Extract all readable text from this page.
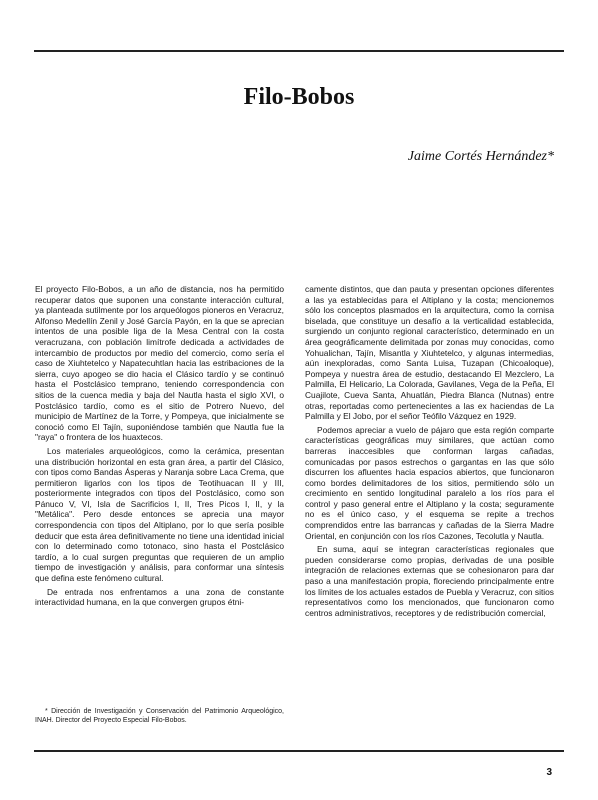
Filo-Bobos
Jaime Cortés Hernández*

El proyecto Filo-Bobos, a un año de distancia, nos ha permitido recuperar datos que suponen una constante interacción cultural, ya planteada sutilmente por los arqueólogos pioneros en Veracruz, Alfonso Medellín Zenil y José García Payón, en la que se aprecian intentos de una posible liga de la Mesa Central con la costa veracruzana, con población limítrofe dedicada a actividades de intercambio de productos por medio del comercio, como sería el caso de Xiuhtetelco y Napatecuhtlan hacia las estribaciones de la sierra, cuyo apogeo se dio hacia el Clásico tardío y se continuó hasta el Postclásico temprano, teniendo correspondencia con sitios de la cuenca media y baja del Nautla hasta el siglo XVI, o Postclásico tardío, como es el sitio de Potrero Nuevo, del municipio de Martínez de la Torre, y Pompeya, que inicialmente se conoció como El Tajín, suponiéndose también que Nautla fue la "raya" o frontera de los huaxtecos.

Los materiales arqueológicos, como la cerámica, presentan una distribución horizontal en esta gran área, a partir del Clásico, con tipos como Bandas Ásperas y Naranja sobre Laca Crema, que permitieron ligarlos con los tipos de Teotihuacan II y III, posteriormente integrados con tipos del Postclásico, como son Pánuco V, VI, Isla de Sacrificios I, II, Tres Picos I, II, y la "Metálica". Pero desde entonces se aprecia una mayor correspondencia con tipos del Altiplano, por lo que sería posible deducir que esta área definitivamente no tiene una identidad inicial con lo determinado como totonaco, sino hasta el Postclásico tardío, a lo cual surgen preguntas que requieren de un amplio tiempo de investigación y análisis, para conformar una síntesis que defina este fenómeno cultural.

De entrada nos enfrentamos a una zona de constante interactividad humana, en la que convergen grupos étni-

* Dirección de Investigación y Conservación del Patrimonio Arqueológico, INAH. Director del Proyecto Especial Filo-Bobos.

camente distintos, que dan pauta y presentan opciones diferentes a las ya establecidas para el Altiplano y la costa; mencionemos sólo los conceptos plasmados en la arquitectura, como la cornisa biselada, que constituye un desafío a la verticalidad establecida, surgiendo un conjunto regional característico, determinado en un área geográficamente delimitada por zonas muy conocidas, como Yohualichan, Tajín, Misantla y Xiuhtetelco, y algunas intermedias, aún inexploradas, como Santa Luisa, Tuzapan (Chicoaloque), Pompeya y nuestra área de estudio, destacando El Mezclero, La Palmilla, El Helicario, La Colorada, Gavilanes, Vega de la Peña, El Cuajilote, Cueva Santa, Ahuatlán, Piedra Blanca (Nutnas) entre otras, reportadas como pertenecientes a las ex haciendas de La Palmilla y El Jobo, por el señor Teófilo Vázquez en 1929.

Podemos apreciar a vuelo de pájaro que esta región comparte características geográficas muy similares, que actúan como barreras inaccesibles que conforman largas cañadas, comunicadas por pasos estrechos o gargantas en las que sólo discurren los afluentes hacia espacios abiertos, que funcionaron como bordes delimitadores de los sitios, permitiendo sólo un crecimiento en sentido longitudinal paralelo a los ríos para el control y paso general entre el Altiplano y la costa; seguramente no es el único caso, y el esquema se repite a trechos comprendidos entre las barrancas y cañadas de la Sierra Madre Oriental, en conjunción con los ríos Cazones, Tecolutla y Nautla.

En suma, aquí se integran características regionales que pueden considerarse como propias, derivadas de una posible integración de relaciones externas que se cohesionaron para dar paso a una manifestación propia, floreciendo principalmente entre los límites de los actuales estados de Puebla y Veracruz, con sitios representativos como los mencionados, que funcionaron como centros administrativos, receptores y de redistribución comercial,

3
